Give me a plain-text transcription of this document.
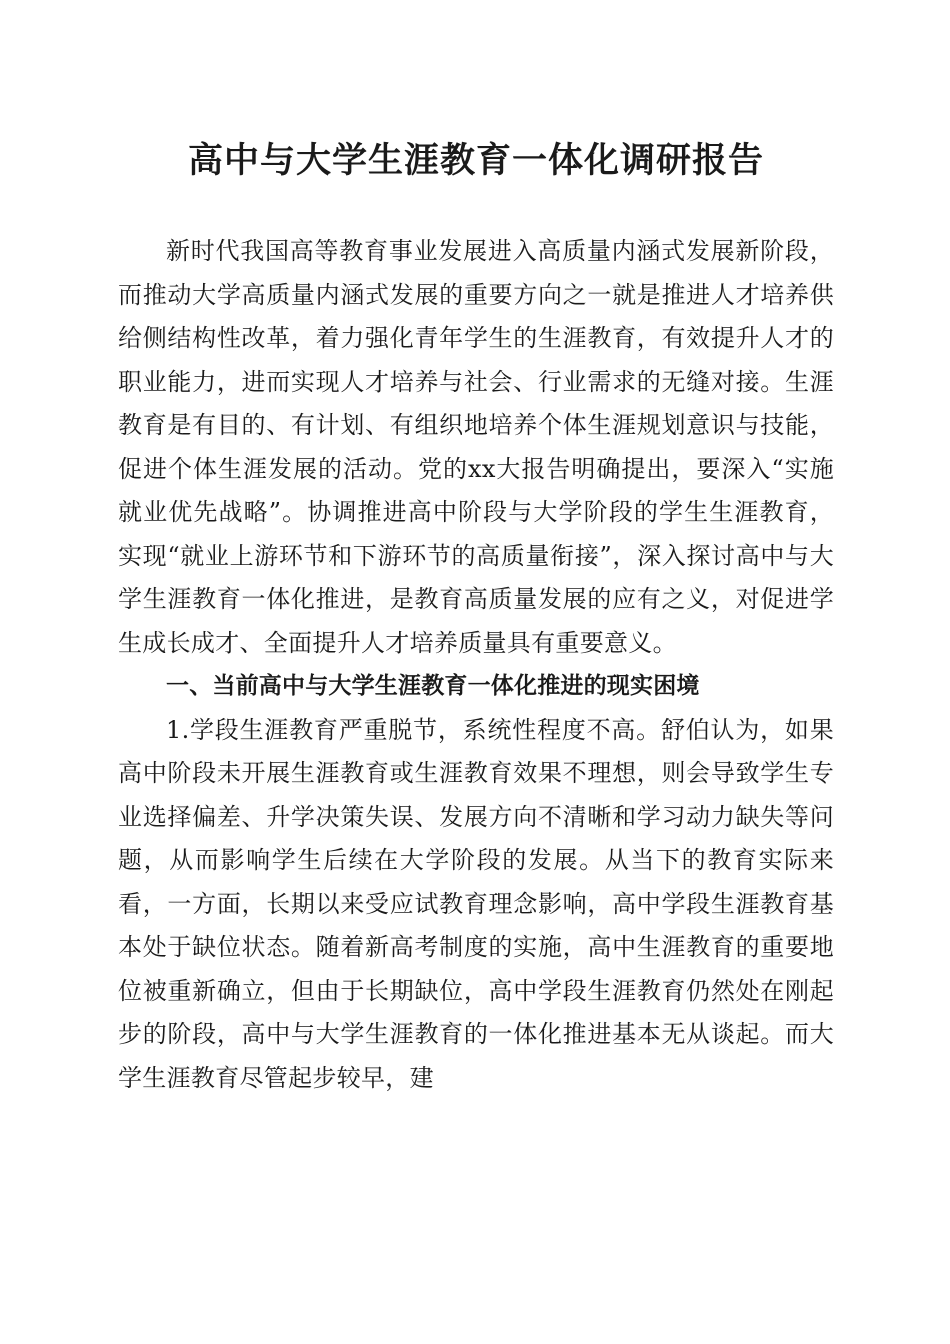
高中与大学生涯教育一体化调研报告

新时代我国高等教育事业发展进入高质量内涵式发展新阶段，而推动大学高质量内涵式发展的重要方向之一就是推进人才培养供给侧结构性改革，着力强化青年学生的生涯教育，有效提升人才的职业能力，进而实现人才培养与社会、行业需求的无缝对接。生涯教育是有目的、有计划、有组织地培养个体生涯规划意识与技能，促进个体生涯发展的活动。党的xx大报告明确提出，要深入“实施就业优先战略”。协调推进高中阶段与大学阶段的学生生涯教育，实现“就业上游环节和下游环节的高质量衔接”，深入探讨高中与大学生涯教育一体化推进，是教育高质量发展的应有之义，对促进学生成长成才、全面提升人才培养质量具有重要意义。

一、当前高中与大学生涯教育一体化推进的现实困境

1.学段生涯教育严重脱节，系统性程度不高。舒伯认为，如果高中阶段未开展生涯教育或生涯教育效果不理想，则会导致学生专业选择偏差、升学决策失误、发展方向不清晰和学习动力缺失等问题，从而影响学生后续在大学阶段的发展。从当下的教育实际来看，一方面，长期以来受应试教育理念影响，高中学段生涯教育基本处于缺位状态。随着新高考制度的实施，高中生涯教育的重要地位被重新确立，但由于长期缺位，高中学段生涯教育仍然处在刚起步的阶段，高中与大学生涯教育的一体化推进基本无从谈起。而大学生涯教育尽管起步较早，建
